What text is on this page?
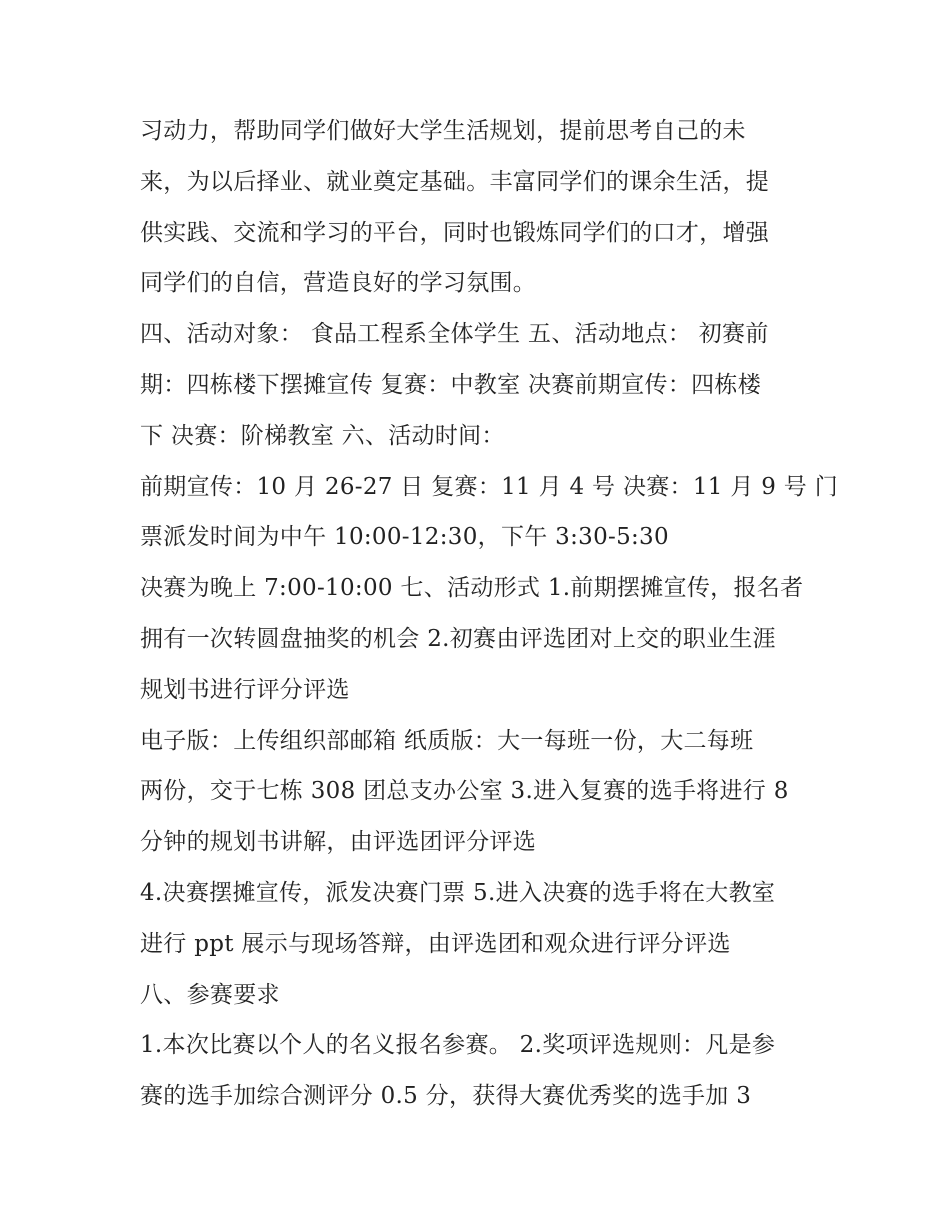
习动力，帮助同学们做好大学生活规划，提前思考自己的未
来，为以后择业、就业奠定基础。丰富同学们的课余生活，提
供实践、交流和学习的平台，同时也锻炼同学们的口才，增强
同学们的自信，营造良好的学习氛围。
四、活动对象： 食品工程系全体学生 五、活动地点： 初赛前
期：四栋楼下摆摊宣传 复赛：中教室 决赛前期宣传：四栋楼
下 决赛：阶梯教室 六、活动时间：
前期宣传：10 月 26-27 日 复赛：11 月 4 号 决赛：11 月 9 号 门
票派发时间为中午 10:00-12:30，下午 3:30-5:30
决赛为晚上 7:00-10:00 七、活动形式 1.前期摆摊宣传，报名者
拥有一次转圆盘抽奖的机会 2.初赛由评选团对上交的职业生涯
规划书进行评分评选
电子版：上传组织部邮箱 纸质版：大一每班一份，大二每班
两份，交于七栋 308 团总支办公室 3.进入复赛的选手将进行 8
分钟的规划书讲解，由评选团评分评选
4.决赛摆摊宣传，派发决赛门票 5.进入决赛的选手将在大教室
进行 ppt 展示与现场答辩，由评选团和观众进行评分评选
八、参赛要求
1.本次比赛以个人的名义报名参赛。 2.奖项评选规则：凡是参
赛的选手加综合测评分 0.5 分，获得大赛优秀奖的选手加 3
